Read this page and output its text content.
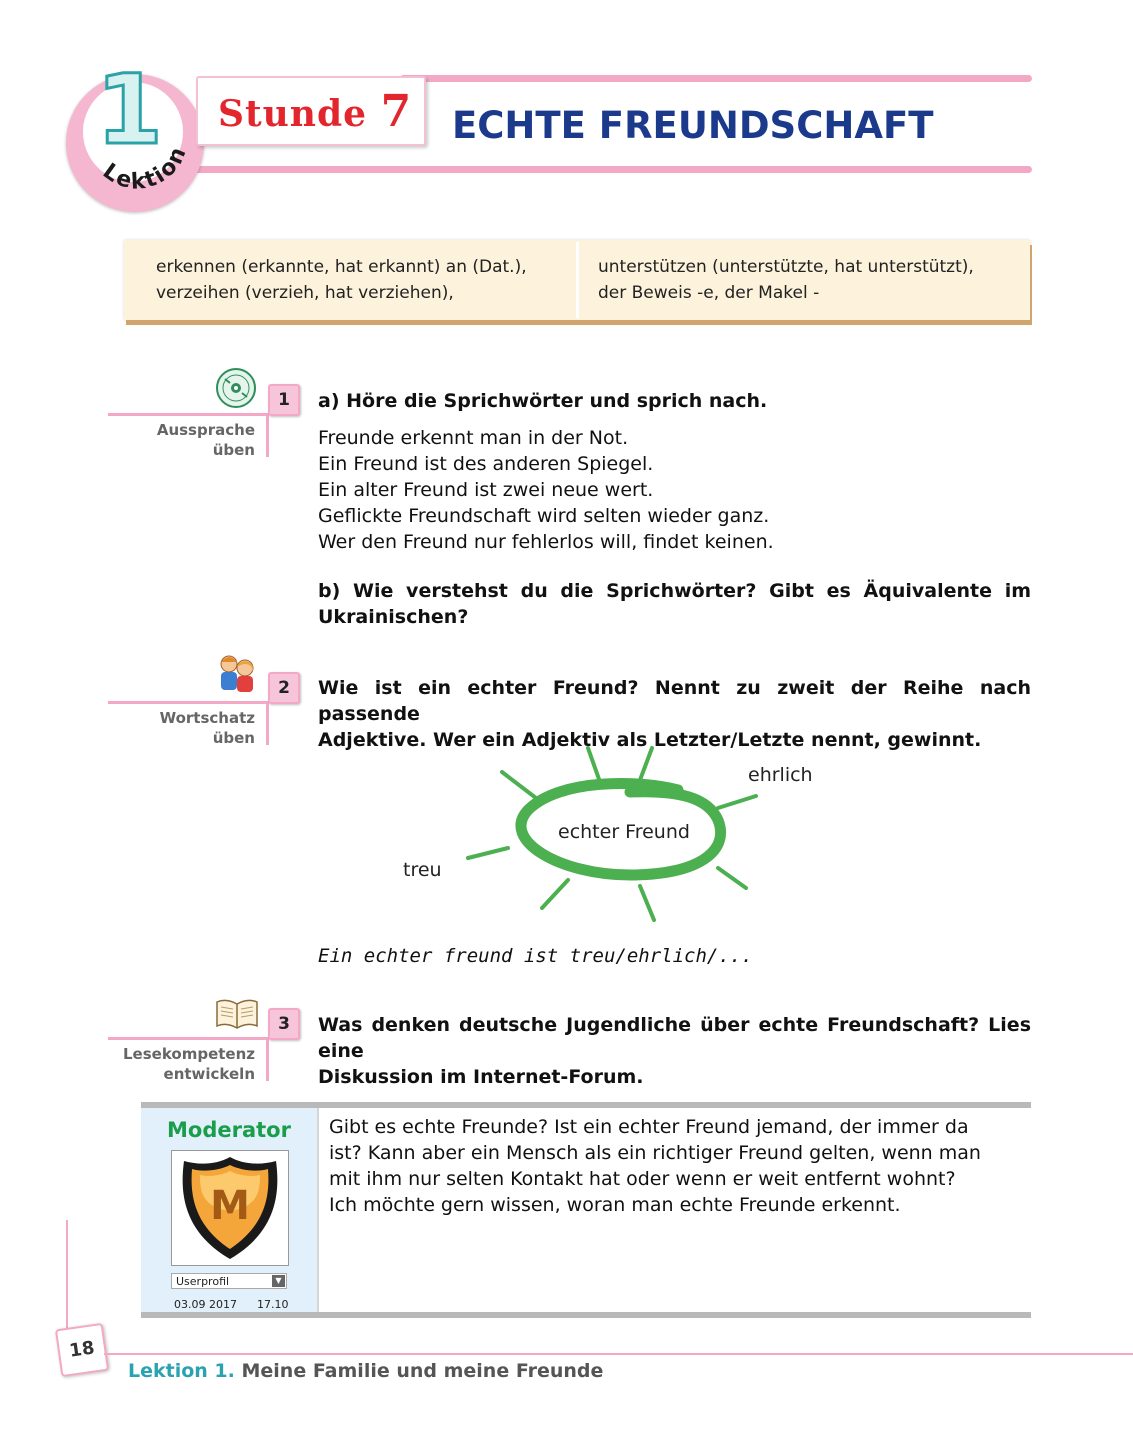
1
Lektion
Stunde 7 ECHTE FREUNDSCHAFT
erkennen (erkannte, hat erkannt) an (Dat.),
verzeihen (verzieh, hat verziehen),
unterstützen (unterstützte, hat unterstützt),
der Beweis -e, der Makel -
1
Aussprache
üben
a) Höre die Sprichwörter und sprich nach.
Freunde erkennt man in der Not.
Ein Freund ist des anderen Spiegel.
Ein alter Freund ist zwei neue wert.
Geflickte Freundschaft wird selten wieder ganz.
Wer den Freund nur fehlerlos will, findet keinen.
b) Wie verstehst du die Sprichwörter? Gibt es Äquivalente im
Ukrainischen?
2
Wortschatz
üben
Wie ist ein echter Freund? Nennt zu zweit der Reihe nach passende
Adjektive. Wer ein Adjektiv als Letzter/Letzte nennt, gewinnt.
echter Freund
ehrlich
treu
Ein echter freund ist treu/ehrlich/...
3
Lesekompetenz
entwickeln
Was denken deutsche Jugendliche über echte Freundschaft? Lies eine
Diskussion im Internet-Forum.
Moderator
M
Userprofil	▼
03.09 2017 17.10
Gibt es echte Freunde? Ist ein echter Freund jemand, der immer da
ist? Kann aber ein Mensch als ein richtiger Freund gelten, wenn man
mit ihm nur selten Kontakt hat oder wenn er weit entfernt wohnt?
Ich möchte gern wissen, woran man echte Freunde erkennt.
18
Lektion 1. Meine Familie und meine Freunde
